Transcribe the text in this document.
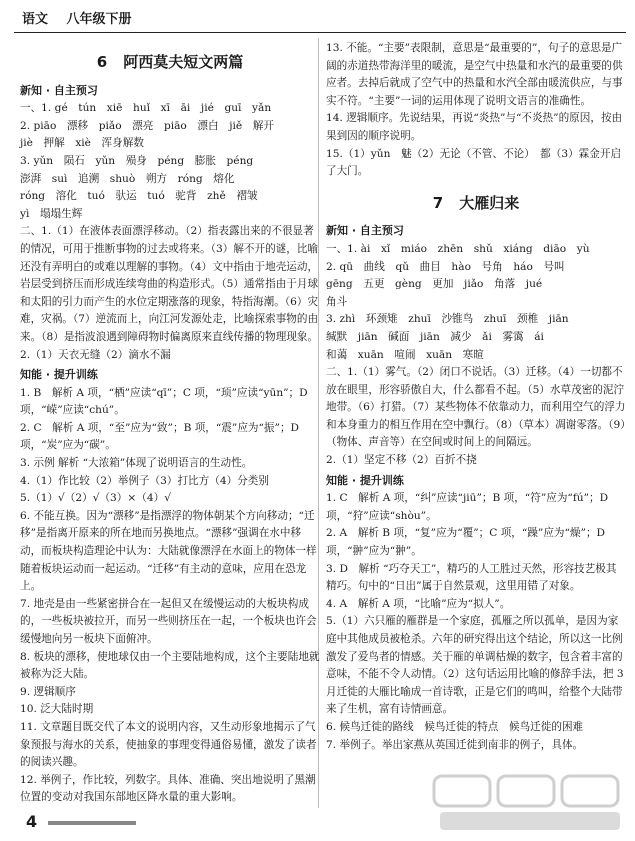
语文 八年级下册
6 阿西莫夫短文两篇
新知 · 自主预习

一、1. gé　tún　xiē　huǐ　xī　āi　jié　guī　yǎn

2. piāo　漂移　piǎo　漂亮　piāo　漂白　jiě　解开

jiè　押解　xiè　浑身解数

3. yǔn　陨石　yǔn　殒身　péng　膨胀　péng

澎湃　suì　追溯　shuò　朔方　róng　熔化

róng　溶化　tuó　驮运　tuó　驼背　zhě　褶皱

yì　塌塌生辉

二、1.（1）在液体表面漂浮移动。（2）指表露出来的不很显著的情况，可用于推断事物的过去或将来。（3）解不开的谜，比喻还没有弄明白的或难以理解的事物。（4）文中指由于地壳运动，岩层受到挤压而形成连续弯曲的构造形式。（5）通常指由于月球和太阳的引力而产生的水位定期涨落的现象，特指海潮。（6）灾难，灾祸。（7）逆流而上，向江河发源处走，比喻探索事物的由来。（8）是指波浪遇到障碍物时偏离原来直线传播的物理现象。

2.（1）天衣无缝（2）滴水不漏

知能 · 提升训练

1. B　解析 A 项，“栖”应读“qī”；C 项，“顼”应读“yūn”；D 项，“嵘”应读“chú”。

2. C　解析 A 项，“至”应为“致”；B 项，“震”应为“振”；D 项，“炭”应为“碳”。

3. 示例 解析 “大浓箱”体现了说明语言的生动性。

4.（1）作比较（2）举例子（3）打比方（4）分类别

5.（1）√（2）√（3）×（4）√

6. 不能互换。因为“漂移”是指漂浮的物体朝某个方向移动；“迁移”是指离开原来的所在地而另换地点。“漂移”强调在水中移动，而板块构造理论中认为：大陆就像漂浮在水面上的物体一样随着板块运动而一起运动。“迁移”有主动的意味，应用在恐龙上。

7. 地壳是由一些紧密拼合在一起但又在缓慢运动的大板块构成的，一些板块被拉开，而另一些则挤压在一起，一个板块也许会缓慢地向另一板块下面俯冲。

8. 板块的漂移，使地球仅由一个主要陆地构成，这个主要陆地就被称为泛大陆。

9. 逻辑顺序

10. 泛大陆时期

11. 文章题目既交代了本文的说明内容，又生动形象地揭示了气象预报与海水的关系，使抽象的事理变得通俗易懂，激发了读者的阅读兴趣。

12. 举例子，作比较，列数字。具体、准确、突出地说明了黑潮位置的变动对我国东部地区降水量的重大影响。

13. 不能。“主要”表限制，意思是“最重要的”，句子的意思是广阔的赤道热带海洋里的暖流，是空气中热量和水汽的最重要的供应者。去掉后就成了空气中的热量和水汽全部由暖流供应，与事实不符。“主要”一词的运用体现了说明文语言的准确性。

14. 逻辑顺序。先说结果，再说“炎热”与“不炎热”的原因，按由果到因的顺序说明。

15.（1）yǔn　魅（2）无论（不管、不论）　都（3）霖金开启了大门。

7 大雁归来
新知 · 自主预习

一、1. ài　xǐ　miáo　zhēn　shǔ　xiáng　diāo　yù

2. qū　曲线　qǔ　曲目　hào　号角　háo　号叫

gēng　五更　gèng　更加　jiǎo　角落　jué

角斗

3. zhì　环颈雉　zhuī　沙锥鸟　zhuī　颈椎　jiān

缄默　jiān　碱面　jiān　减少　ǎi　雾霭　ái

和蔼　xuān　喧闹　xuān　寒暄

二、1.（1）雾气。（2）闭口不说话。（3）迁移。（4）一切都不放在眼里，形容骄傲自大，什么都看不起。（5）水草茂密的泥泞地带。（6）打猎。（7）某些物体不依靠动力，而利用空气的浮力和本身重力的相互作用在空中飘行。（8）（草本）凋谢零落。（9）（物体、声音等）在空间或时间上的间隔远。

2.（1）坚定不移（2）百折不挠

知能 · 提升训练

1. C　解析 A 项，“纠”应读“jiū”；B 项，“符”应为“fú”；D 项，“狩”应读“shòu”。

2. A　解析 B 项，“复”应为“覆”；C 项，“躁”应为“燥”；D 项，“翀”应为“翀”。

3. D　解析 “巧夺天工”，精巧的人工胜过天然，形容技艺极其精巧。句中的“日出”属于自然景观，这里用错了对象。

4. A　解析 A 项，“比喻”应为“拟人”。

5.（1）六只雁的雁群是一个家庭，孤雁之所以孤单，是因为家庭中其他成员被枪杀。六年的研究得出这个结论，所以这一比例激发了爱鸟者的情感。关于雁的单调枯燥的数字，包含着丰富的意味，不能不令人动情。（2）这句话运用比喻的修辞手法，把 3 月迁徙的大雁比喻成一首诗歌，正是它们的鸣叫，给整个大陆带来了生机，富有诗情画意。

6. 候鸟迁徙的路线　候鸟迁徙的特点　候鸟迁徙的困难

7. 举例子。举出家燕从英国迁徙到南非的例子，具体。

4
